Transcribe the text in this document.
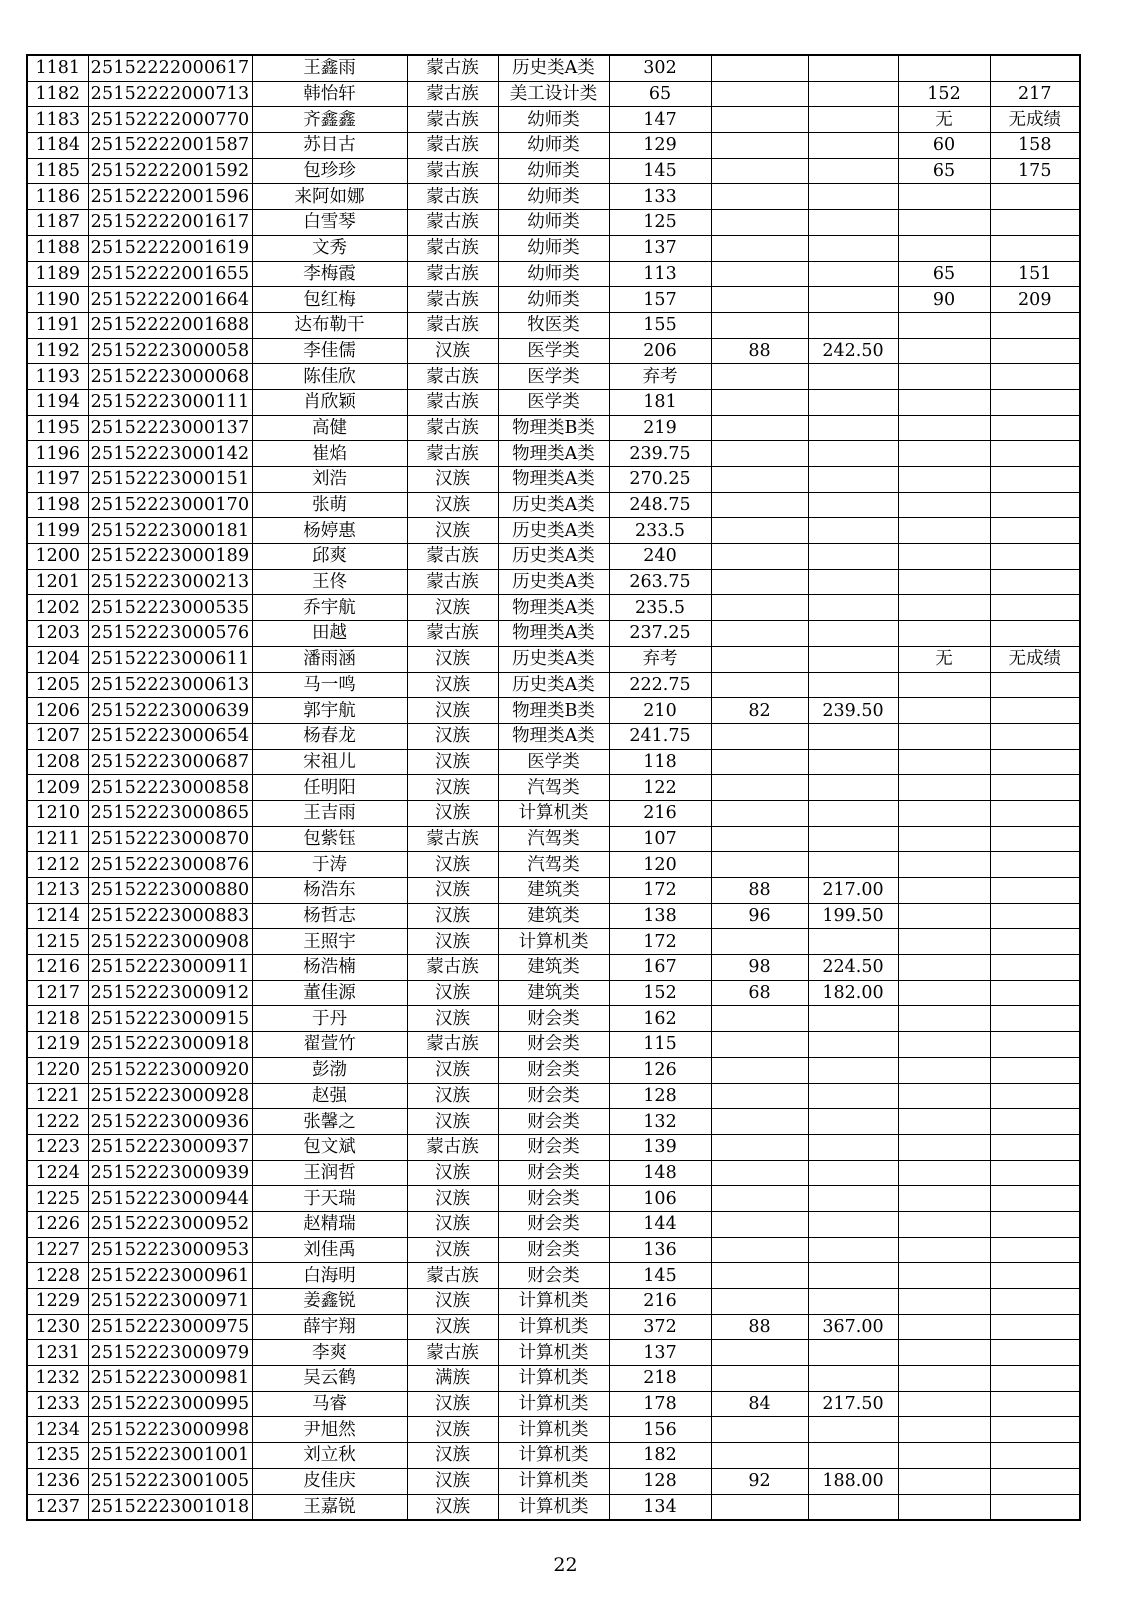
1181	25152222000617	王鑫雨	蒙古族	历史类A类	302				
1182	25152222000713	韩怡轩	蒙古族	美工设计类	65			152	217
1183	25152222000770	齐鑫鑫	蒙古族	幼师类	147			无	无成绩
1184	25152222001587	苏日古	蒙古族	幼师类	129			60	158
1185	25152222001592	包珍珍	蒙古族	幼师类	145			65	175
1186	25152222001596	来阿如娜	蒙古族	幼师类	133				
1187	25152222001617	白雪琴	蒙古族	幼师类	125				
1188	25152222001619	文秀	蒙古族	幼师类	137				
1189	25152222001655	李梅霞	蒙古族	幼师类	113			65	151
1190	25152222001664	包红梅	蒙古族	幼师类	157			90	209
1191	25152222001688	达布勒干	蒙古族	牧医类	155				
1192	25152223000058	李佳儒	汉族	医学类	206	88	242.50		
1193	25152223000068	陈佳欣	蒙古族	医学类	弃考				
1194	25152223000111	肖欣颖	蒙古族	医学类	181				
1195	25152223000137	高健	蒙古族	物理类B类	219				
1196	25152223000142	崔焰	蒙古族	物理类A类	239.75				
1197	25152223000151	刘浩	汉族	物理类A类	270.25				
1198	25152223000170	张萌	汉族	历史类A类	248.75				
1199	25152223000181	杨婷惠	汉族	历史类A类	233.5				
1200	25152223000189	邱爽	蒙古族	历史类A类	240				
1201	25152223000213	王佟	蒙古族	历史类A类	263.75				
1202	25152223000535	乔宇航	汉族	物理类A类	235.5				
1203	25152223000576	田越	蒙古族	物理类A类	237.25				
1204	25152223000611	潘雨涵	汉族	历史类A类	弃考			无	无成绩
1205	25152223000613	马一鸣	汉族	历史类A类	222.75				
1206	25152223000639	郭宇航	汉族	物理类B类	210	82	239.50		
1207	25152223000654	杨春龙	汉族	物理类A类	241.75				
1208	25152223000687	宋祖儿	汉族	医学类	118				
1209	25152223000858	任明阳	汉族	汽驾类	122				
1210	25152223000865	王吉雨	汉族	计算机类	216				
1211	25152223000870	包紫钰	蒙古族	汽驾类	107				
1212	25152223000876	于涛	汉族	汽驾类	120				
1213	25152223000880	杨浩东	汉族	建筑类	172	88	217.00		
1214	25152223000883	杨哲志	汉族	建筑类	138	96	199.50		
1215	25152223000908	王照宇	汉族	计算机类	172				
1216	25152223000911	杨浩楠	蒙古族	建筑类	167	98	224.50		
1217	25152223000912	董佳源	汉族	建筑类	152	68	182.00		
1218	25152223000915	于丹	汉族	财会类	162				
1219	25152223000918	翟萱竹	蒙古族	财会类	115				
1220	25152223000920	彭渤	汉族	财会类	126				
1221	25152223000928	赵强	汉族	财会类	128				
1222	25152223000936	张馨之	汉族	财会类	132				
1223	25152223000937	包文斌	蒙古族	财会类	139				
1224	25152223000939	王润哲	汉族	财会类	148				
1225	25152223000944	于天瑞	汉族	财会类	106				
1226	25152223000952	赵精瑞	汉族	财会类	144				
1227	25152223000953	刘佳禹	汉族	财会类	136				
1228	25152223000961	白海明	蒙古族	财会类	145				
1229	25152223000971	姜鑫锐	汉族	计算机类	216				
1230	25152223000975	薛宇翔	汉族	计算机类	372	88	367.00		
1231	25152223000979	李爽	蒙古族	计算机类	137				
1232	25152223000981	吴云鹤	满族	计算机类	218				
1233	25152223000995	马睿	汉族	计算机类	178	84	217.50		
1234	25152223000998	尹旭然	汉族	计算机类	156				
1235	25152223001001	刘立秋	汉族	计算机类	182				
1236	25152223001005	皮佳庆	汉族	计算机类	128	92	188.00		
1237	25152223001018	王嘉锐	汉族	计算机类	134				
22
